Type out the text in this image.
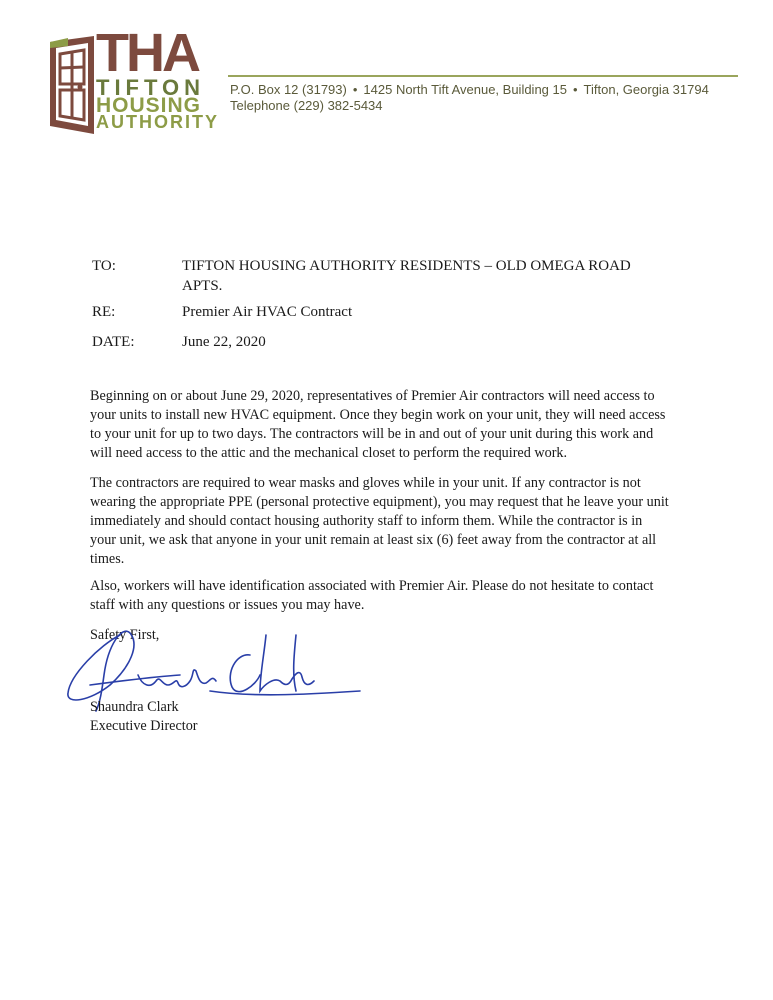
THA
TIFTON
HOUSING
AUTHORITY
P.O. Box 12 (31793) • 1425 North Tift Avenue, Building 15 • Tifton, Georgia 31794
Telephone (229) 382-5434
TO:	TIFTON HOUSING AUTHORITY RESIDENTS – OLD OMEGA ROAD
APTS.
RE:	Premier Air HVAC Contract
DATE:	June 22, 2020
Beginning on or about June 29, 2020, representatives of Premier Air contractors will need access to
your units to install new HVAC equipment. Once they begin work on your unit, they will need access
to your unit for up to two days. The contractors will be in and out of your unit during this work and
will need access to the attic and the mechanical closet to perform the required work.
The contractors are required to wear masks and gloves while in your unit. If any contractor is not
wearing the appropriate PPE (personal protective equipment), you may request that he leave your unit
immediately and should contact housing authority staff to inform them. While the contractor is in
your unit, we ask that anyone in your unit remain at least six (6) feet away from the contractor at all
times.
Also, workers will have identification associated with Premier Air. Please do not hesitate to contact
staff with any questions or issues you may have.
Safety First,
Shaundra Clark
Executive Director
